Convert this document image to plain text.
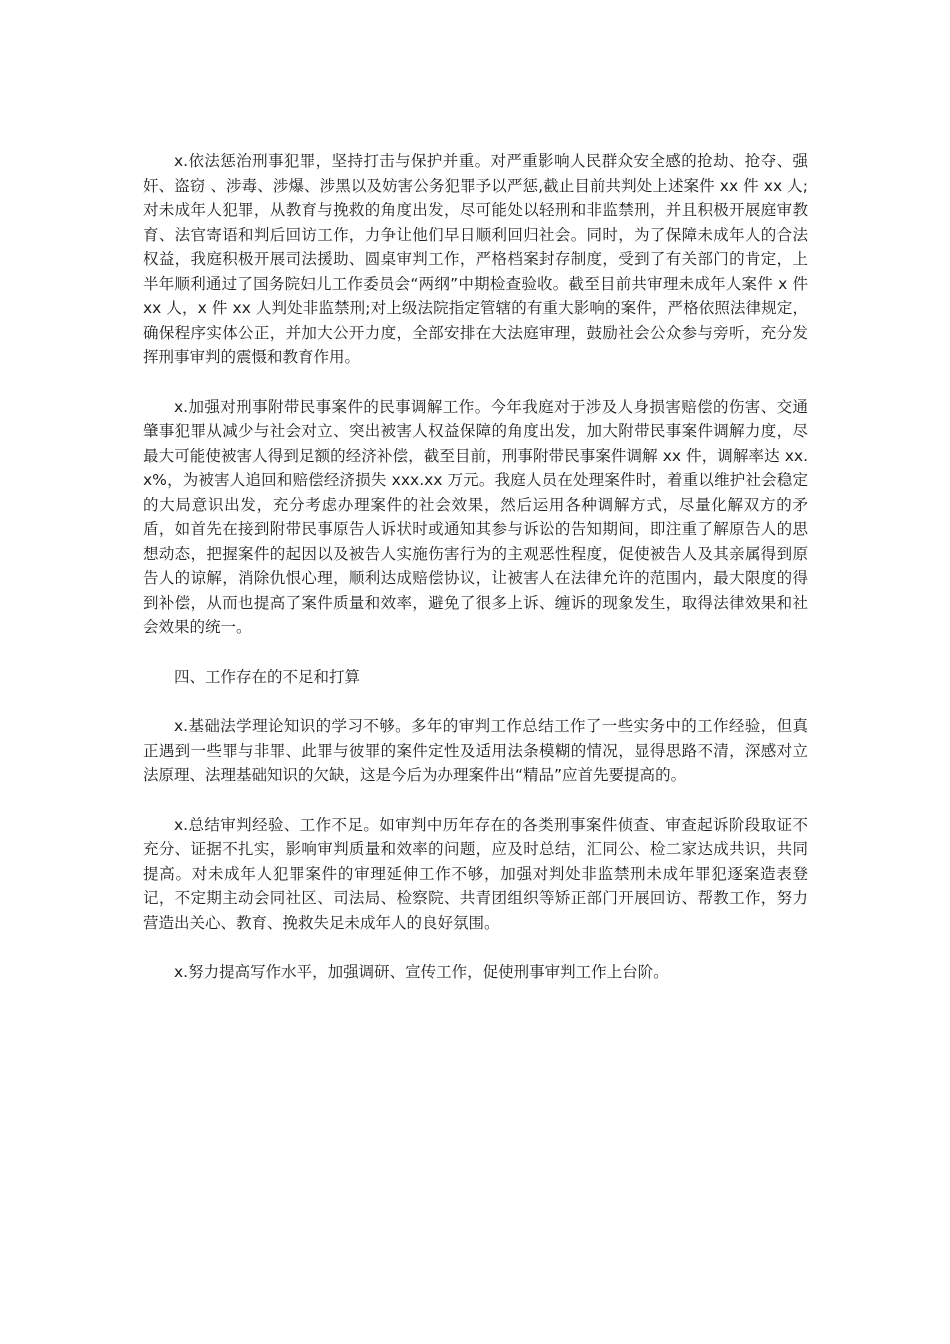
x.依法惩治刑事犯罪，坚持打击与保护并重。对严重影响人民群众安全感的抢劫、抢夺、强奸、盗窃 、涉毒、涉爆、涉黑以及妨害公务犯罪予以严惩,截止目前共判处上述案件 xx 件 xx 人;对未成年人犯罪，从教育与挽救的角度出发，尽可能处以轻刑和非监禁刑，并且积极开展庭审教育、法官寄语和判后回访工作，力争让他们早日顺利回归社会。同时，为了保障未成年人的合法权益，我庭积极开展司法援助、圆桌审判工作，严格档案封存制度，受到了有关部门的肯定，上半年顺利通过了国务院妇儿工作委员会“两纲”中期检查验收。截至目前共审理未成年人案件 x 件 xx 人，x 件 xx 人判处非监禁刑;对上级法院指定管辖的有重大影响的案件，严格依照法律规定，确保程序实体公正，并加大公开力度，全部安排在大法庭审理，鼓励社会公众参与旁听，充分发挥刑事审判的震慑和教育作用。

x.加强对刑事附带民事案件的民事调解工作。今年我庭对于涉及人身损害赔偿的伤害、交通肇事犯罪从减少与社会对立、突出被害人权益保障的角度出发，加大附带民事案件调解力度，尽最大可能使被害人得到足额的经济补偿，截至目前，刑事附带民事案件调解 xx 件，调解率达 xx.x%，为被害人追回和赔偿经济损失 xxx.xx 万元。我庭人员在处理案件时，着重以维护社会稳定的大局意识出发，充分考虑办理案件的社会效果，然后运用各种调解方式，尽量化解双方的矛盾，如首先在接到附带民事原告人诉状时或通知其参与诉讼的告知期间，即注重了解原告人的思想动态，把握案件的起因以及被告人实施伤害行为的主观恶性程度，促使被告人及其亲属得到原告人的谅解，消除仇恨心理，顺利达成赔偿协议，让被害人在法律允许的范围内，最大限度的得到补偿，从而也提高了案件质量和效率，避免了很多上诉、缠诉的现象发生，取得法律效果和社会效果的统一。

四、工作存在的不足和打算

x.基础法学理论知识的学习不够。多年的审判工作总结工作了一些实务中的工作经验，但真正遇到一些罪与非罪、此罪与彼罪的案件定性及适用法条模糊的情况，显得思路不清，深感对立法原理、法理基础知识的欠缺，这是今后为办理案件出“精品”应首先要提高的。

x.总结审判经验、工作不足。如审判中历年存在的各类刑事案件侦查、审查起诉阶段取证不充分、证据不扎实，影响审判质量和效率的问题，应及时总结，汇同公、检二家达成共识，共同提高。对未成年人犯罪案件的审理延伸工作不够，加强对判处非监禁刑未成年罪犯逐案造表登记，不定期主动会同社区、司法局、检察院、共青团组织等矫正部门开展回访、帮教工作，努力营造出关心、教育、挽救失足未成年人的良好氛围。

x.努力提高写作水平，加强调研、宣传工作，促使刑事审判工作上台阶。
